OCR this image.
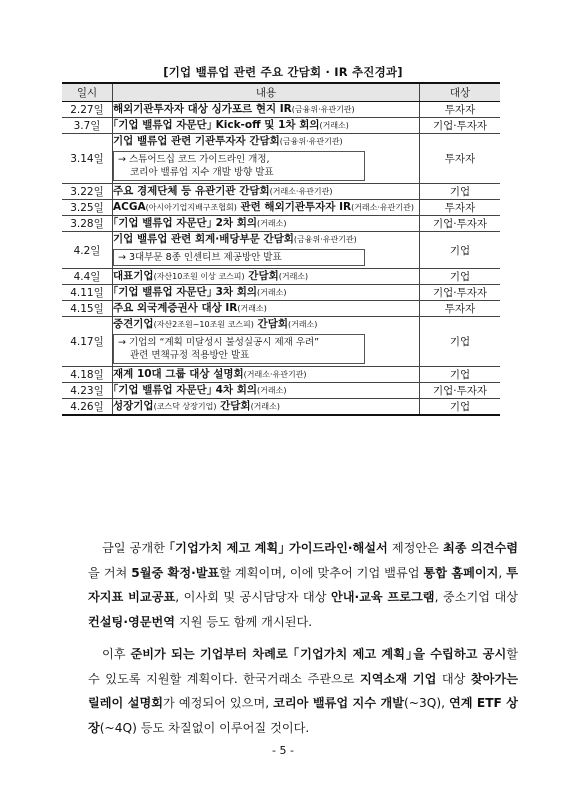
[기업 밸류업 관련 주요 간담회 · IR 추진경과]
일시	내용	대상
2.27일	해외기관투자자 대상 싱가포르 현지 IR(금융위·유관기관)	투자자
3.7일	｢기업 밸류업 자문단｣ Kick-off 및 1차 회의(거래소)	기업·투자자
3.14일	기업 밸류업 관련 기관투자자 간담회(금융위·유관기관)
→ 스튜어드십 코드 가이드라인 개정,
코리아 밸류업 지수 개발 방향 발표	투자자
3.22일	주요 경제단체 등 유관기관 간담회(거래소·유관기관)	기업
3.25일	ACGA(아시아기업지배구조협회) 관련 해외기관투자자 IR(거래소·유관기관)	투자자
3.28일	｢기업 밸류업 자문단｣ 2차 회의(거래소)	기업·투자자
4.2일	기업 밸류업 관련 회계·배당부문 간담회(금융위·유관기관)
→ 3대부문 8종 인센티브 제공방안 발표	기업
4.4일	대표기업(자산10조원 이상 코스피) 간담회(거래소)	기업
4.11일	｢기업 밸류업 자문단｣ 3차 회의(거래소)	기업·투자자
4.15일	주요 외국계증권사 대상 IR(거래소)	투자자
4.17일	중견기업(자산2조원~10조원 코스피) 간담회(거래소)
→ 기업의 “계획 미달성시 불성실공시 제재 우려”
관련 면책규정 적용방안 발표	기업
4.18일	재계 10대 그룹 대상 설명회(거래소·유관기관)	기업
4.23일	｢기업 밸류업 자문단｣ 4차 회의(거래소)	기업·투자자
4.26일	성장기업(코스닥 상장기업) 간담회(거래소)	기업
금일 공개한 ｢기업가치 제고 계획｣ 가이드라인·해설서 제정안은 최종 의견수렴을 거쳐 5월중 확정·발표할 계획이며, 이에 맞추어 기업 밸류업 통합 홈페이지, 투자지표 비교공표, 이사회 및 공시담당자 대상 안내·교육 프로그램, 중소기업 대상 컨설팅·영문번역 지원 등도 함께 개시된다.
이후 준비가 되는 기업부터 차례로 ｢기업가치 제고 계획｣을 수립하고 공시할 수 있도록 지원할 계획이다. 한국거래소 주관으로 지역소재 기업 대상 찾아가는 릴레이 설명회가 예정되어 있으며, 코리아 밸류업 지수 개발(~3Q), 연계 ETF 상장(~4Q) 등도 차질없이 이루어질 것이다.
- 5 -
